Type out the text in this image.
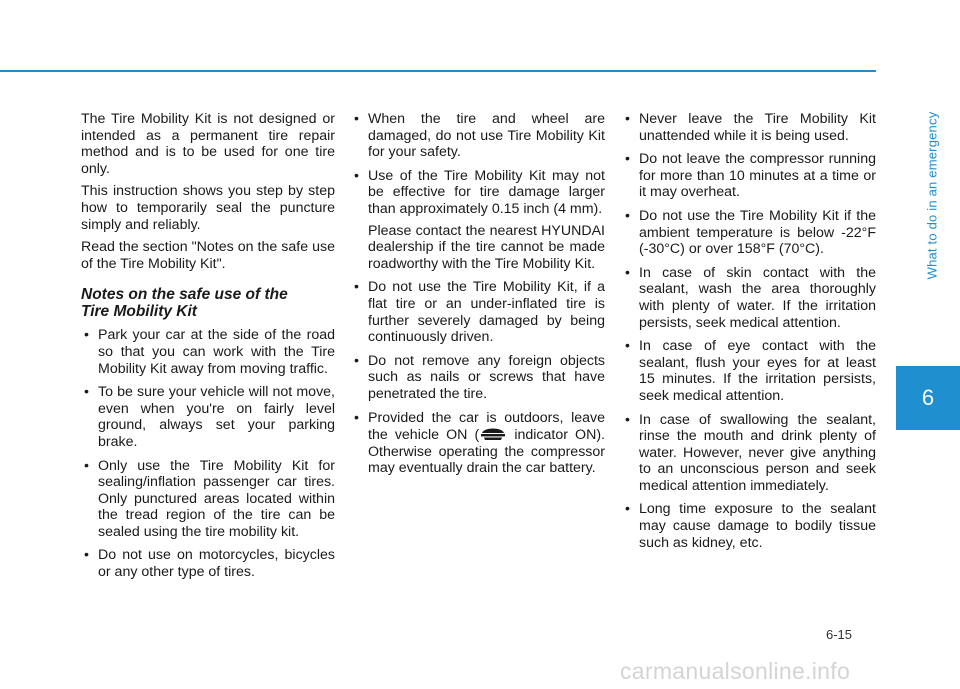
What to do in an emergency
6

The Tire Mobility Kit is not designed or intended as a permanent tire repair method and is to be used for one tire only.

This instruction shows you step by step how to temporarily seal the puncture simply and reliably.

Read the section "Notes on the safe use of the Tire Mobility Kit".

Notes on the safe use of the
Tire Mobility Kit
• Park your car at the side of the road so that you can work with the Tire Mobility Kit away from moving traffic.
• To be sure your vehicle will not move, even when you're on fairly level ground, always set your parking brake.
• Only use the Tire Mobility Kit for sealing/inflation passenger car tires. Only punctured areas located within the tread region of the tire can be sealed using the tire mobility kit.
• Do not use on motorcycles, bicycles or any other type of tires.
• When the tire and wheel are damaged, do not use Tire Mobility Kit for your safety.
• Use of the Tire Mobility Kit may not be effective for tire damage larger than approximately 0.15 inch (4 mm).
Please contact the nearest HYUNDAI dealership if the tire cannot be made roadworthy with the Tire Mobility Kit.
• Do not use the Tire Mobility Kit, if a flat tire or an under-inflated tire is further severely damaged by being continuously driven.
• Do not remove any foreign objects such as nails or screws that have penetrated the tire.
• Provided the car is outdoors, leave the vehicle ON ( indicator ON). Otherwise operating the compressor may eventually drain the car battery.
• Never leave the Tire Mobility Kit unattended while it is being used.
• Do not leave the compressor running for more than 10 minutes at a time or it may overheat.
• Do not use the Tire Mobility Kit if the ambient temperature is below -22°F (-30°C) or over 158°F (70°C).
• In case of skin contact with the sealant, wash the area thoroughly with plenty of water. If the irritation persists, seek medical attention.
• In case of eye contact with the sealant, flush your eyes for at least 15 minutes. If the irritation persists, seek medical attention.
• In case of swallowing the sealant, rinse the mouth and drink plenty of water. However, never give anything to an unconscious person and seek medical attention immediately.
• Long time exposure to the sealant may cause damage to bodily tissue such as kidney, etc.
6-15
carmanualsonline.info
